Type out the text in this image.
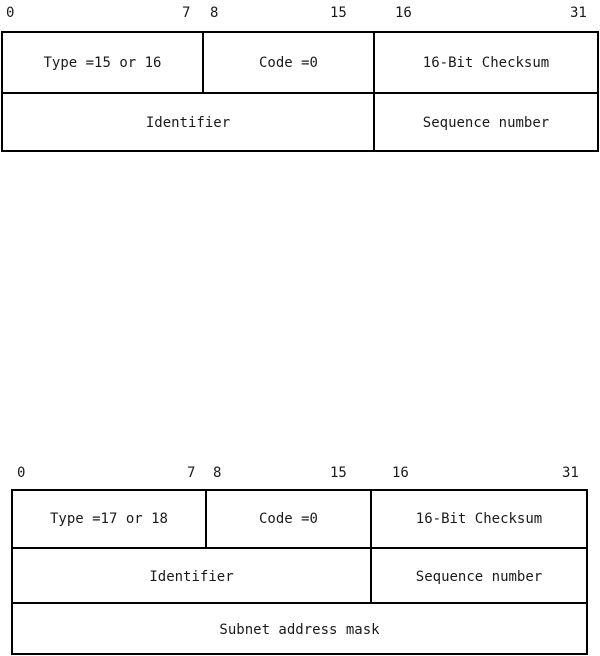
0	7 8	15	16	31
Type =15 or 16	Code =0	16-Bit Checksum
Identifier	Sequence number
0	7 8	15	16	31
Type =17 or 18	Code =0	16-Bit Checksum
Identifier	Sequence number
Subnet address mask
